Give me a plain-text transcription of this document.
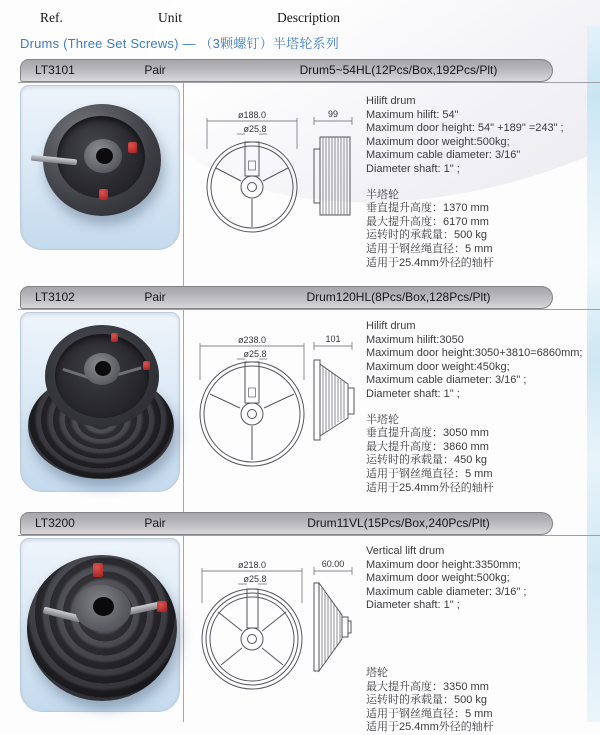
Ref.	Unit	Description
Drums (Three Set Screws) — （3颗螺钉）半塔轮系列
LT3101	Pair	Drum5~54HL(12Pcs/Box,192Pcs/Plt)
ø188.0
ø25.8
99
Hilift drum
Maximum hilift: 54"
Maximum door height: 54" +189" =243" ;
Maximum door weight:500kg;
Maximum cable diameter: 3/16"
Diameter shaft: 1" ;
半塔轮
垂直提升高度：1370 mm
最大提升高度：6170 mm
运转时的承载量：500 kg
适用于钢丝绳直径：5 mm
适用于25.4mm外径的轴杆
LT3102	Pair	Drum120HL(8Pcs/Box,128Pcs/Plt)
ø238.0
ø25.8
101
Hilift drum
Maximum hilift:3050
Maximum door height:3050+3810=6860mm;
Maximum door weight:450kg;
Maximum cable diameter: 3/16" ;
Diameter shaft: 1" ;
半塔轮
垂直提升高度：3050 mm
最大提升高度：3860 mm
运转时的承载量：450 kg
适用于钢丝绳直径：5 mm
适用于25.4mm外径的轴杆
LT3200	Pair	Drum11VL(15Pcs/Box,240Pcs/Plt)
ø218.0
ø25.8
60.00
Vertical lift drum
Maximum door height:3350mm;
Maximum door weight:500kg;
Maximum cable diameter: 3/16" ;
Diameter shaft: 1" ;
塔轮
最大提升高度：3350 mm
运转时的承载量：500 kg
适用于钢丝绳直径：5 mm
适用于25.4mm外径的轴杆
